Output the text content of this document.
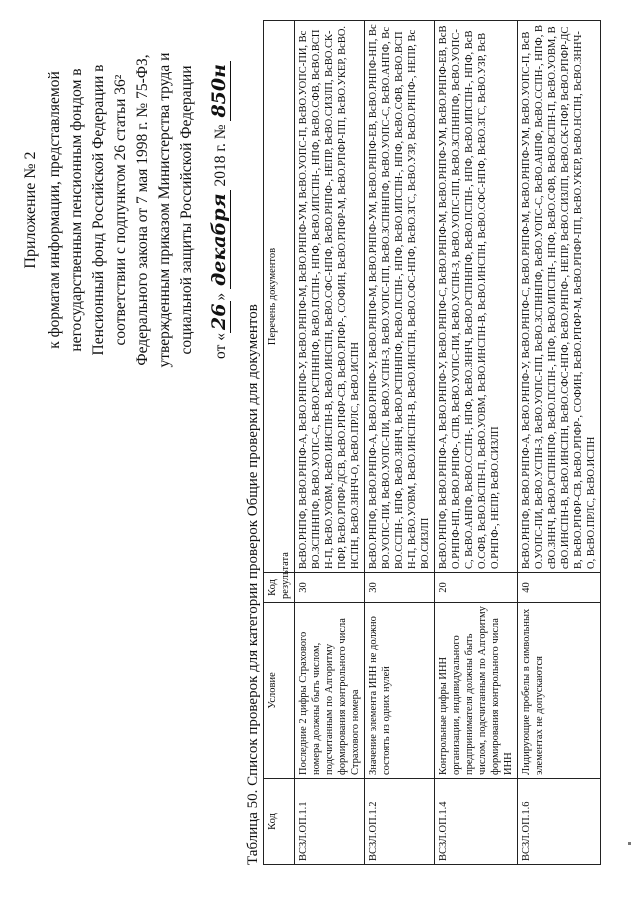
Приложение № 2 к форматам информации, представляемой негосударственным пенсионным фондом в Пенсионный фонд Российской Федерации в соответствии с подпунктом 26 статьи 36² Федерального закона от 7 мая 1998 г. № 75-ФЗ, утвержденным приказом Министерства труда и социальной защиты Российской Федерации от «26» декабря 2018 г. № 850н
Таблица 50. Список проверок для категории проверок Общие проверки для документов Код	Условие	Код результата	Перечень документов
ВСЗЛ.ОП.1.1	Последние 2 цифры Страхового номера должны быть числом, подсчитанным по Алгоритму формирования контрольного числа Страхового номера	30	ВсВО.РНПФ, ВсВО.РНПФ-А, ВсВО.РНПФ-У, ВсВО.РНПФ-М, ВсВО.РНПФ-УМ, ВсВО.УОПС-П, ВсВО.УОПС-ПИ, ВсВО.ЗСПННПФ, ВсВО.УОПС-С, ВсВО.РСПННПФ, ВсВО.ПСПН-, НПФ, ВсВО.ИПСПН-, НПФ, ВсВО.СФВ, ВсВО.ВСПН-П, ВсВО.УОВМ, ВсВО.ИНСПН-В, ВсВО.ИНСПН, ВсВО.СФС-НПФ, ВсВО.РНПФ-, НЕПР, ВсВО.СИЗЛП, ВсВО.СК-ПФР, ВсВО.РПФР-ДСВ, ВсВО.РПФР-СВ, ВсВО.РПФР-, СОФИН, ВсВО.РПФР-М, ВсВО.РПФР-ПП, ВсВО.УКЕР, ВсВО.НСПН, ВсВО.ЗННЧ-О, ВсВО.ПРЛС, ВсВО.ИСПН
ВСЗЛ.ОП.1.2	Значение элемента ИНН не должно состоять из одних нулей	30	ВсВО.РНПФ, ВсВО.РНПФ-А, ВсВО.РНПФ-У, ВсВО.РНПФ-М, ВсВО.РНПФ-УМ, ВсВО.РНПФ-ЕВ, ВсВО.РНПФ-НП, ВсВО.УОПС-ПИ, ВсВО.УОПС-ПИ, ВсВО.УСПН-З, ВсВО.УОПС-ПП, ВсВО.ЗСПННПФ, ВсВО.УОПС-С, ВсВО.АНПФ, ВсВО.ССПН-, НПФ, ВсВО.ЗННЧ, ВсВО.РСПННПФ, ВсВО.ПСПН-, НПФ, ВсВО.ИПСПН-, НПФ, ВсВО.СФВ, ВсВО.ВСПН-П, ВсВО.УОВМ, ВсВО.ИНСПН-В, ВсВО.ИНСПН, ВсВО.СФС-НПФ, ВсВО.ЗГС, ВсВО.УЗР, ВсВО.РНПФ-, НЕПР, ВсВО.СИЗЛП
ВСЗЛ.ОП.1.4	Контрольные цифры ИНН организации, индивидуального предпринимателя должны быть числом, подсчитанным по Алгоритму формирования контрольного числа ИНН	20	ВсВО.РНПФ, ВсВО.РНПФ-А, ВсВО.РНПФ-У, ВсВО.РНПФ-С, ВсВО.РНПФ-М, ВсВО.РНПФ-УМ, ВсВО.РНПФ-ЕВ, ВсВО.РНПФ-НП, ВсВО.РНПФ-, СПВ, ВсВО.УОПС-ПИ, ВсВО.УСПН-З, ВсВО.УОПС-ПП, ВсВО.ЗСПННПФ, ВсВО.УОПС-С, ВсВО.АНПФ, ВсВО.ССПН-, НПФ, ВсВО.ЗННЧ, ВсВО.РСПННПФ, ВсВО.ПСПН-, НПФ, ВсВО.ИПСПН-, НПФ, ВсВО.СФВ, ВсВО.ВСПН-П, ВсВО.УОВМ, ВсВО.ИНСПН-В, ВсВО.ИНСПН, ВсВО.СФС-НПФ, ВсВО.ЗГС, ВсВО.УЗР, ВсВО.РНПФ-, НЕПР, ВсВО.СИЗЛП
ВСЗЛ.ОП.1.6	Лидирующие пробелы в символьных элементах не допускаются	40	ВсВО.РНПФ, ВсВО.РНПФ-А, ВсВО.РНПФ-У, ВсВО.РНПФ-С, ВсВО.РНПФ-М, ВсВО.РНПФ-УМ, ВсВО.УОПС-П, ВсВО.УОПС-ПИ, ВсВО.УСПН-З, ВсВО.УОПС-ПП, ВсВО.ЗСПННПФ, ВсВО.УОПС-С, ВсВО.АНПФ, ВсВО.ССПН-, НПФ, ВсВО.ЗННЧ, ВсВО.РСПННПФ, ВсВО.ПСПН-, НПФ, ВсВО.ИПСПН-, НПФ, ВсВО.СФВ, ВсВО.ВСПН-П, ВсВО.УОВМ, ВсВО.ИНСПН-В, ВсВО.ИНСПН, ВсВО.СФС-НПФ, ВсВО.РНПФ-, НЕПР, ВсВО.СИЗЛП, ВсВО.СК-ПФР, ВсВО.РПФР-ДСВ, ВсВО.РПФР-СВ, ВсВО.РПФР-, СОФИН, ВсВО.РПФР-М, ВсВО.РПФР-ПП, ВсВО.УКЕР, ВсВО.НСПН, ВсВО.ЗННЧ-О, ВсВО.ПРЛС, ВсВО.ИСПН
